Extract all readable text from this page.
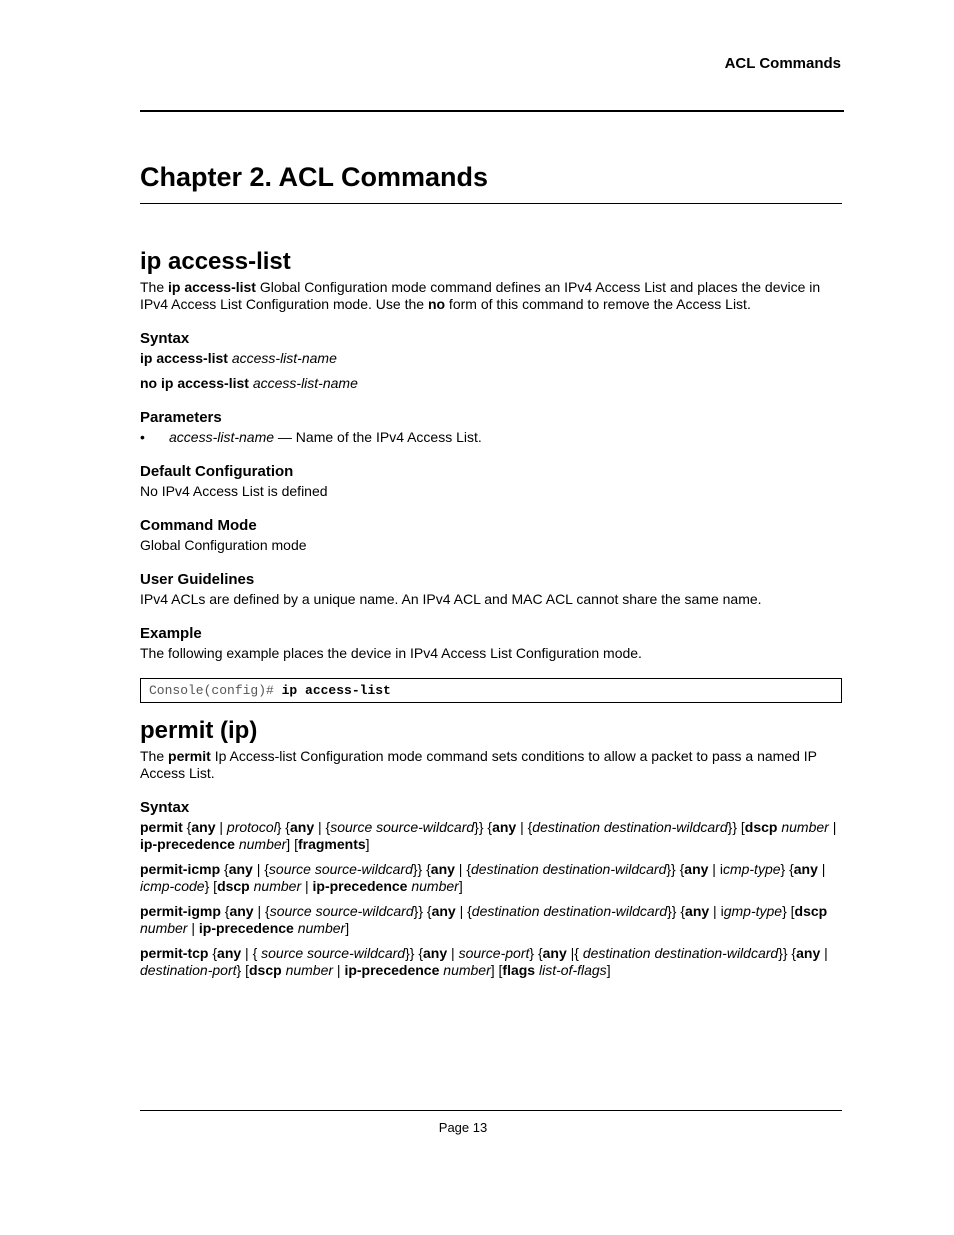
ACL Commands
Chapter 2. ACL Commands
ip access-list

The ip access-list Global Configuration mode command defines an IPv4 Access List and places the device in IPv4 Access List Configuration mode. Use the no form of this command to remove the Access List.

Syntax

ip access-list access-list-name

no ip access-list access-list-name

Parameters
•	access-list-name — Name of the IPv4 Access List.
Default Configuration

No IPv4 Access List is defined

Command Mode

Global Configuration mode

User Guidelines

IPv4 ACLs are defined by a unique name. An IPv4 ACL and MAC ACL cannot share the same name.

Example

The following example places the device in IPv4 Access List Configuration mode.

Console(config)# ip access-list
permit (ip)

The permit Ip Access-list Configuration mode command sets conditions to allow a packet to pass a named IP Access List.

Syntax

permit {any | protocol} {any | {source source-wildcard}} {any | {destination destination-wildcard}} [dscp number | ip-precedence number] [fragments]

permit-icmp {any | {source source-wildcard}} {any | {destination destination-wildcard}} {any | icmp-type} {any | icmp-code} [dscp number | ip-precedence number]

permit-igmp {any | {source source-wildcard}} {any | {destination destination-wildcard}} {any | igmp-type} [dscp number | ip-precedence number]

permit-tcp {any | { source source-wildcard}} {any | source-port} {any |{ destination destination-wildcard}} {any | destination-port} [dscp number | ip-precedence number] [flags list-of-flags]

Page 13
